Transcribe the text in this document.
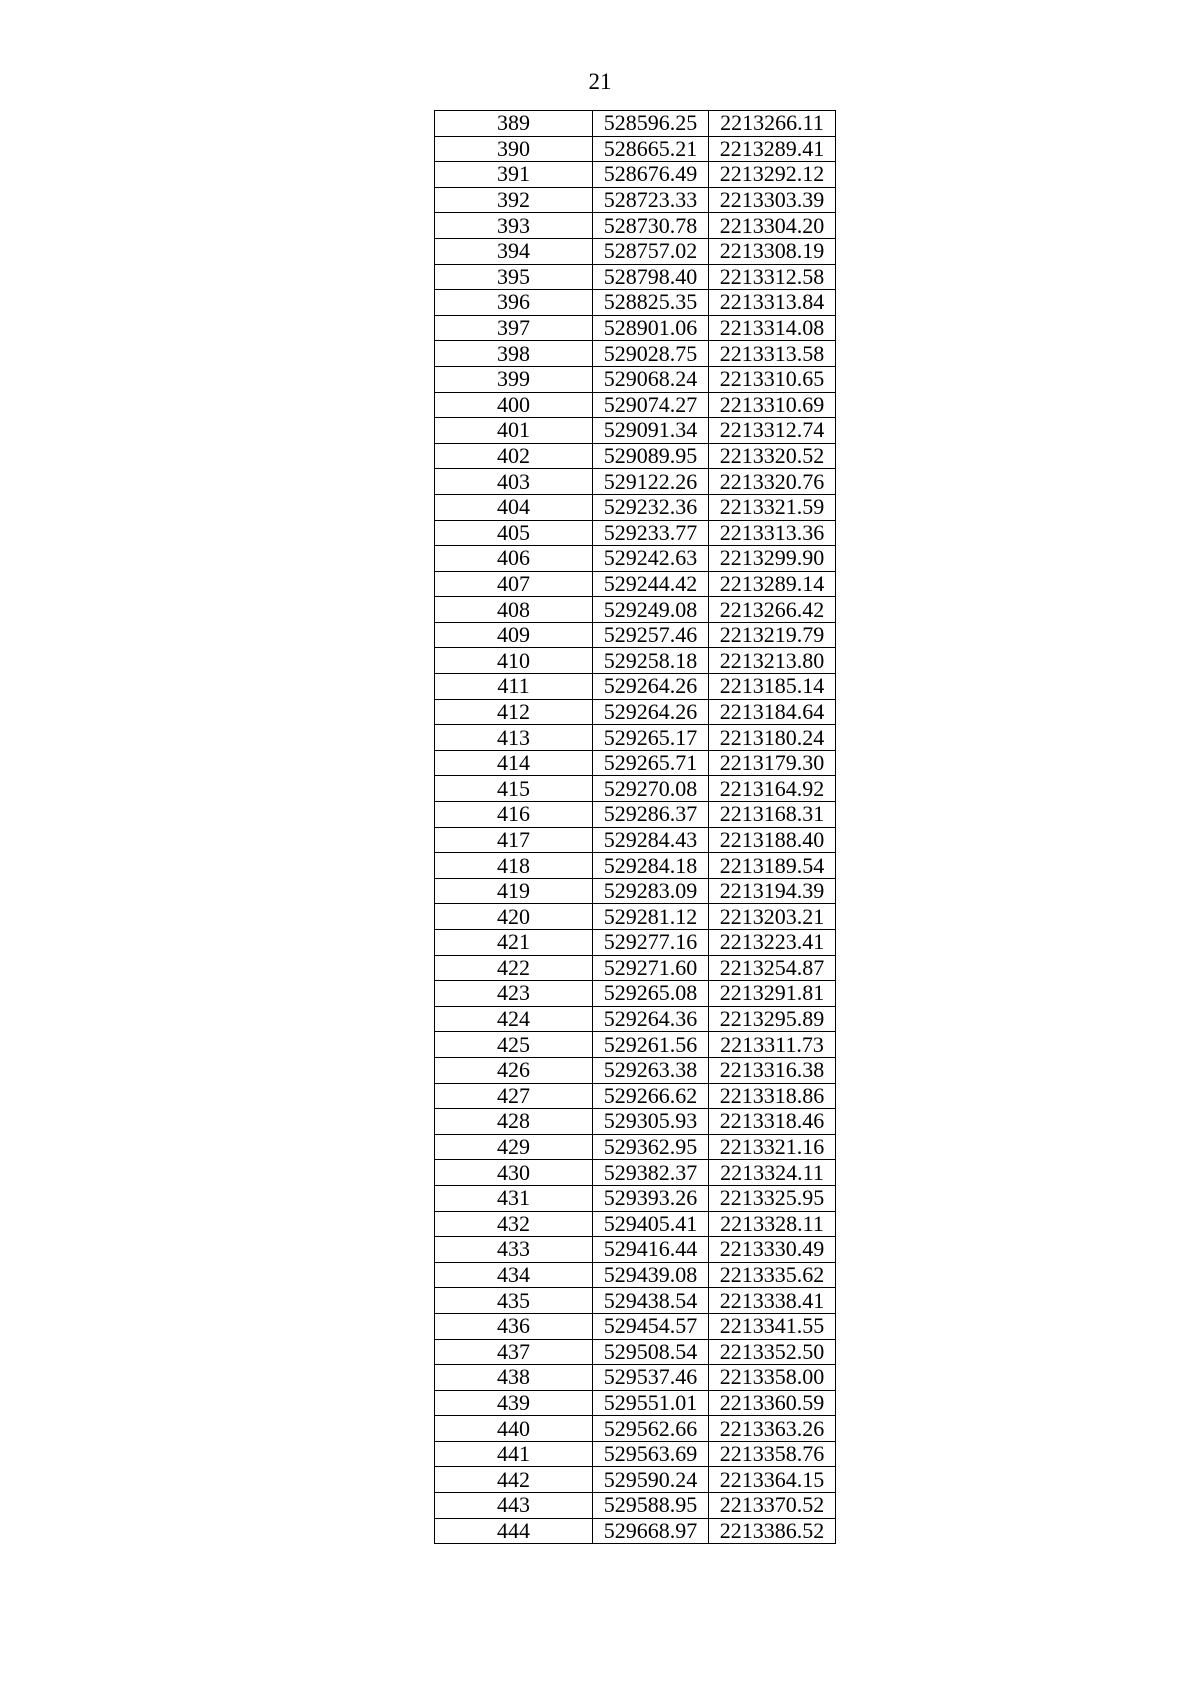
21
389	528596.25	2213266.11
390	528665.21	2213289.41
391	528676.49	2213292.12
392	528723.33	2213303.39
393	528730.78	2213304.20
394	528757.02	2213308.19
395	528798.40	2213312.58
396	528825.35	2213313.84
397	528901.06	2213314.08
398	529028.75	2213313.58
399	529068.24	2213310.65
400	529074.27	2213310.69
401	529091.34	2213312.74
402	529089.95	2213320.52
403	529122.26	2213320.76
404	529232.36	2213321.59
405	529233.77	2213313.36
406	529242.63	2213299.90
407	529244.42	2213289.14
408	529249.08	2213266.42
409	529257.46	2213219.79
410	529258.18	2213213.80
411	529264.26	2213185.14
412	529264.26	2213184.64
413	529265.17	2213180.24
414	529265.71	2213179.30
415	529270.08	2213164.92
416	529286.37	2213168.31
417	529284.43	2213188.40
418	529284.18	2213189.54
419	529283.09	2213194.39
420	529281.12	2213203.21
421	529277.16	2213223.41
422	529271.60	2213254.87
423	529265.08	2213291.81
424	529264.36	2213295.89
425	529261.56	2213311.73
426	529263.38	2213316.38
427	529266.62	2213318.86
428	529305.93	2213318.46
429	529362.95	2213321.16
430	529382.37	2213324.11
431	529393.26	2213325.95
432	529405.41	2213328.11
433	529416.44	2213330.49
434	529439.08	2213335.62
435	529438.54	2213338.41
436	529454.57	2213341.55
437	529508.54	2213352.50
438	529537.46	2213358.00
439	529551.01	2213360.59
440	529562.66	2213363.26
441	529563.69	2213358.76
442	529590.24	2213364.15
443	529588.95	2213370.52
444	529668.97	2213386.52
